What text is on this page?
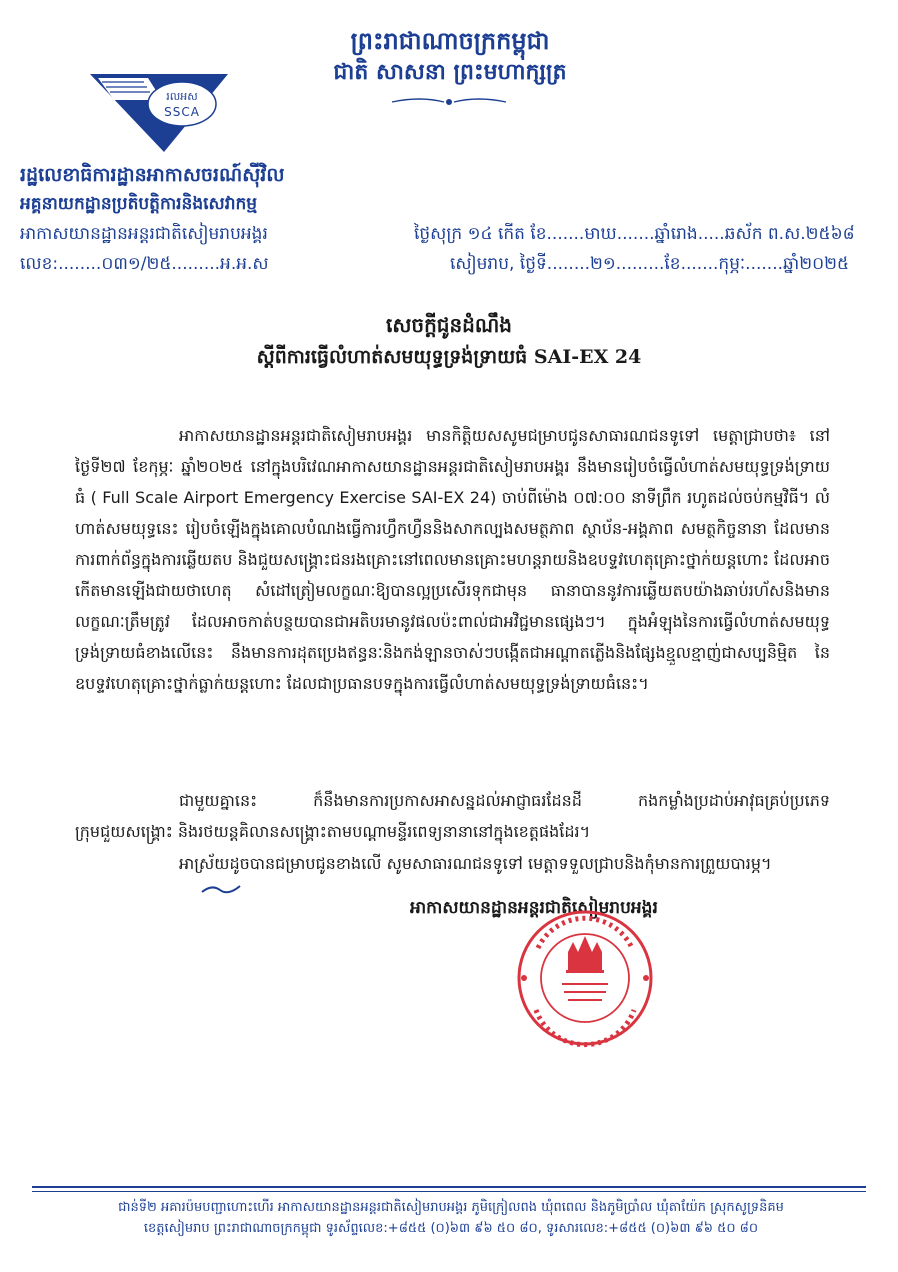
ព្រះរាជាណាចក្រកម្ពុជា
ជាតិ សាសនា ព្រះមហាក្សត្រ
រលអស
SSCA
រដ្ឋលេខាធិការដ្ឋានអាកាសចរណ៍ស៊ីវិល
អគ្គនាយកដ្ឋានប្រតិបត្តិការនិងសេវាកម្ម
អាកាសយានដ្ឋានអន្តរជាតិសៀមរាបអង្គរ
លេខ:........០៣១/២៥.........អ.អ.ស
ថ្ងៃសុក្រ ១៤ កើត ខែ.......មាឃ.......ឆ្នាំរោង.....ឆស័ក ព.ស.២៥៦៨
សៀមរាប, ថ្ងៃទី........២១.........ខែ.......កុម្ភៈ.......ឆ្នាំ២០២៥
សេចក្តីជូនដំណឹង
ស្តីពីការធ្វើលំហាត់សមយុទ្ធទ្រង់ទ្រាយធំ SAI-EX 24
អាកាសយានដ្ឋានអន្តរជាតិសៀមរាបអង្គរ មានកិត្តិយសសូមជម្រាបជូនសាធារណជនទូទៅ មេត្តាជ្រាបថា៖ នៅថ្ងៃទី២៧ ខែកុម្ភៈ ឆ្នាំ២០២៥ នៅក្នុងបរិវេណអាកាសយានដ្ឋានអន្តរជាតិសៀមរាបអង្គរ នឹងមានរៀបចំធ្វើលំហាត់សមយុទ្ធទ្រង់ទ្រាយធំ ( Full Scale Airport Emergency Exercise SAI-EX 24) ចាប់ពីម៉ោង ០៧:០០ នាទីព្រឹក រហូតដល់ចប់កម្មវិធី។ លំហាត់សមយុទ្ធនេះ រៀបចំឡើងក្នុងគោលបំណងធ្វើការហ្វឹកហ្វឺននិងសាកល្បងសមត្ថភាព ស្ថាប័ន-អង្គភាព សមត្ថកិច្ចនានា ដែលមានការពាក់ព័ន្ធក្នុងការឆ្លើយតប និងជួយសង្គ្រោះជនរងគ្រោះនៅពេលមានគ្រោះមហន្តរាយនិងឧបទ្ទវហេតុគ្រោះថ្នាក់យន្តហោះ ដែលអាចកើតមានឡើងជាយថាហេតុ សំដៅត្រៀមលក្ខណៈឱ្យបានល្អប្រសើរទុកជាមុន ធានាបាននូវការឆ្លើយតបយ៉ាងឆាប់រហ័សនិងមានលក្ខណៈត្រឹមត្រូវ ដែលអាចកាត់បន្ថយបានជាអតិបរមានូវផលប៉ះពាល់ជាអវិជ្ជមានផ្សេងៗ។ ក្នុងអំឡុងនៃការធ្វើលំហាត់សមយុទ្ធទ្រង់ទ្រាយធំខាងលើនេះ នឹងមានការដុតប្រេងឥន្ធនៈនិងកង់ឡានចាស់ៗបង្កើតជាអណ្តាតភ្លើងនិងផ្សែងខ្មួលខ្មាញ់ជាសប្បនិម្មិត នៃឧបទ្ទវហេតុគ្រោះថ្នាក់ធ្លាក់យន្តហោះ ដែលជាប្រធានបទក្នុងការធ្វើលំហាត់សមយុទ្ធទ្រង់ទ្រាយធំនេះ។
ជាមួយគ្នានេះ ក៏នឹងមានការប្រកាសអាសន្នដល់អាជ្ញាធរដែនដី កងកម្លាំងប្រដាប់អាវុធគ្រប់ប្រភេទ ក្រុមជួយសង្គ្រោះ និងរថយន្តគិលានសង្គ្រោះតាមបណ្តាមន្ទីរពេទ្យនានានៅក្នុងខេត្តផងដែរ។
អាស្រ័យដូចបានជម្រាបជូនខាងលើ សូមសាធារណជនទូទៅ មេត្តាទទួលជ្រាបនិងកុំមានការព្រួយបារម្ភ។
អាកាសយានដ្ឋានអន្តរជាតិសៀមរាបអង្គរ
ជាន់ទី២ អគារប៉មបញ្ជាហោះហើរ អាកាសយានដ្ឋានអន្តរជាតិសៀមរាបអង្គរ ភូមិក្រៀលពង ឃុំពពេល និងភូមិប្រាំល ឃុំតាយ៉ែក ស្រុកសូទ្រនិគម
ខេត្តសៀមរាប ព្រះរាជាណាចក្រកម្ពុជា ទូរស័ព្ទលេខ:+៨៥៥ (០)៦៣ ៩៦ ៥០ ៨០, ទូរសារលេខ:+៨៥៥ (០)៦៣ ៩៦ ៥០ ៨០
